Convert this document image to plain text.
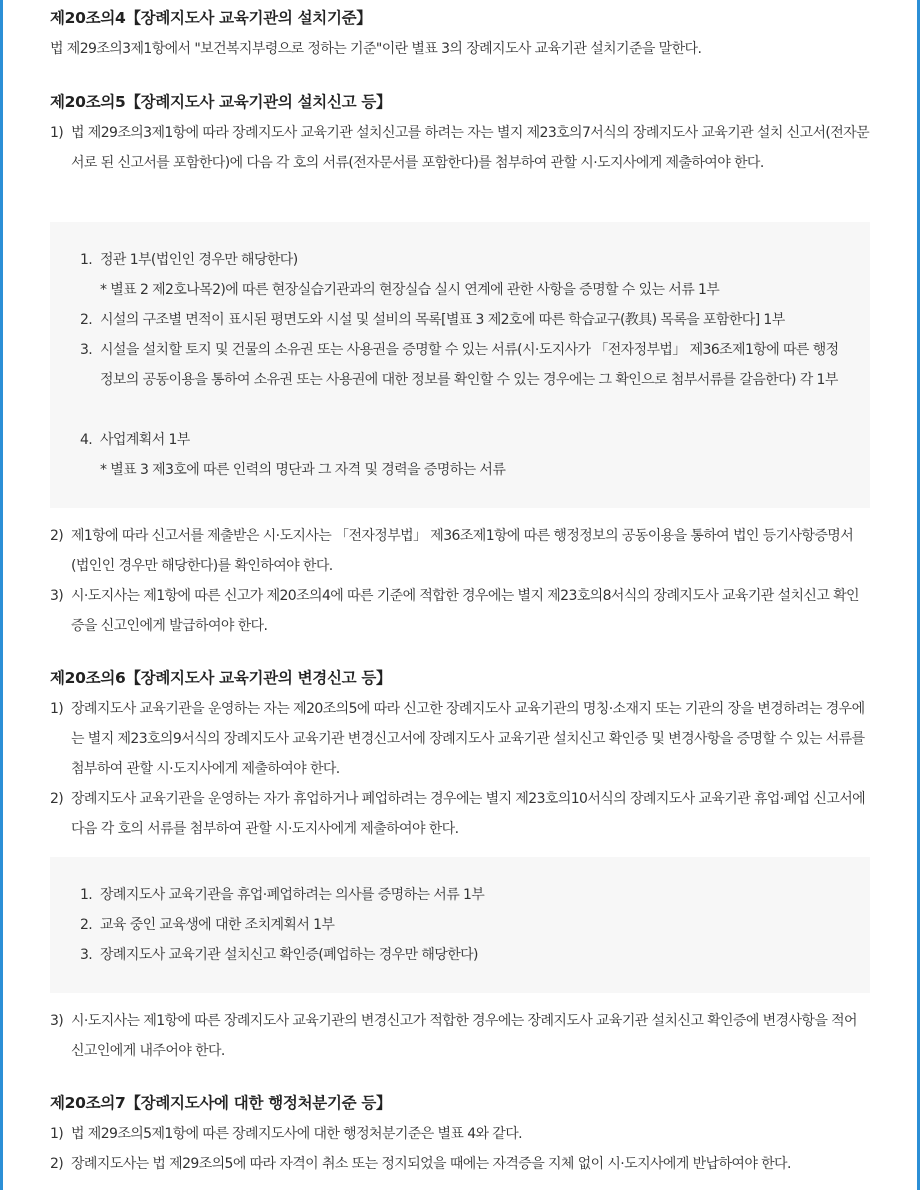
제20조의4【장례지도사 교육기관의 설치기준】
법 제29조의3제1항에서 "보건복지부령으로 정하는 기준"이란 별표 3의 장례지도사 교육기관 설치기준을 말한다.
제20조의5【장례지도사 교육기관의 설치신고 등】
1) 법 제29조의3제1항에 따라 장례지도사 교육기관 설치신고를 하려는 자는 별지 제23호의7서식의 장례지도사 교육기관 설치 신고서(전자문서로 된 신고서를 포함한다)에 다음 각 호의 서류(전자문서를 포함한다)를 첨부하여 관할 시·도지사에게 제출하여야 한다.
1. 정관 1부(법인인 경우만 해당한다)
* 별표 2 제2호나목2)에 따른 현장실습기관과의 현장실습 실시 연계에 관한 사항을 증명할 수 있는 서류 1부
2. 시설의 구조별 면적이 표시된 평면도와 시설 및 설비의 목록[별표 3 제2호에 따른 학습교구(教具) 목록을 포함한다] 1부
3. 시설을 설치할 토지 및 건물의 소유권 또는 사용권을 증명할 수 있는 서류(시·도지사가 「전자정부법」 제36조제1항에 따른 행정정보의 공동이용을 통하여 소유권 또는 사용권에 대한 정보를 확인할 수 있는 경우에는 그 확인으로 첨부서류를 갈음한다) 각 1부
4. 사업계획서 1부
* 별표 3 제3호에 따른 인력의 명단과 그 자격 및 경력을 증명하는 서류
2) 제1항에 따라 신고서를 제출받은 시·도지사는 「전자정부법」 제36조제1항에 따른 행정정보의 공동이용을 통하여 법인 등기사항증명서(법인인 경우만 해당한다)를 확인하여야 한다.
3) 시·도지사는 제1항에 따른 신고가 제20조의4에 따른 기준에 적합한 경우에는 별지 제23호의8서식의 장례지도사 교육기관 설치신고 확인증을 신고인에게 발급하여야 한다.
제20조의6【장례지도사 교육기관의 변경신고 등】
1) 장례지도사 교육기관을 운영하는 자는 제20조의5에 따라 신고한 장례지도사 교육기관의 명칭·소재지 또는 기관의 장을 변경하려는 경우에는 별지 제23호의9서식의 장례지도사 교육기관 변경신고서에 장례지도사 교육기관 설치신고 확인증 및 변경사항을 증명할 수 있는 서류를 첨부하여 관할 시·도지사에게 제출하여야 한다.
2) 장례지도사 교육기관을 운영하는 자가 휴업하거나 폐업하려는 경우에는 별지 제23호의10서식의 장례지도사 교육기관 휴업·폐업 신고서에 다음 각 호의 서류를 첨부하여 관할 시·도지사에게 제출하여야 한다.
1. 장례지도사 교육기관을 휴업·폐업하려는 의사를 증명하는 서류 1부
2. 교육 중인 교육생에 대한 조치계획서 1부
3. 장례지도사 교육기관 설치신고 확인증(폐업하는 경우만 해당한다)
3) 시·도지사는 제1항에 따른 장례지도사 교육기관의 변경신고가 적합한 경우에는 장례지도사 교육기관 설치신고 확인증에 변경사항을 적어 신고인에게 내주어야 한다.
제20조의7【장례지도사에 대한 행정처분기준 등】
1) 법 제29조의5제1항에 따른 장례지도사에 대한 행정처분기준은 별표 4와 같다.
2) 장례지도사는 법 제29조의5에 따라 자격이 취소 또는 정지되었을 때에는 자격증을 지체 없이 시·도지사에게 반납하여야 한다.
